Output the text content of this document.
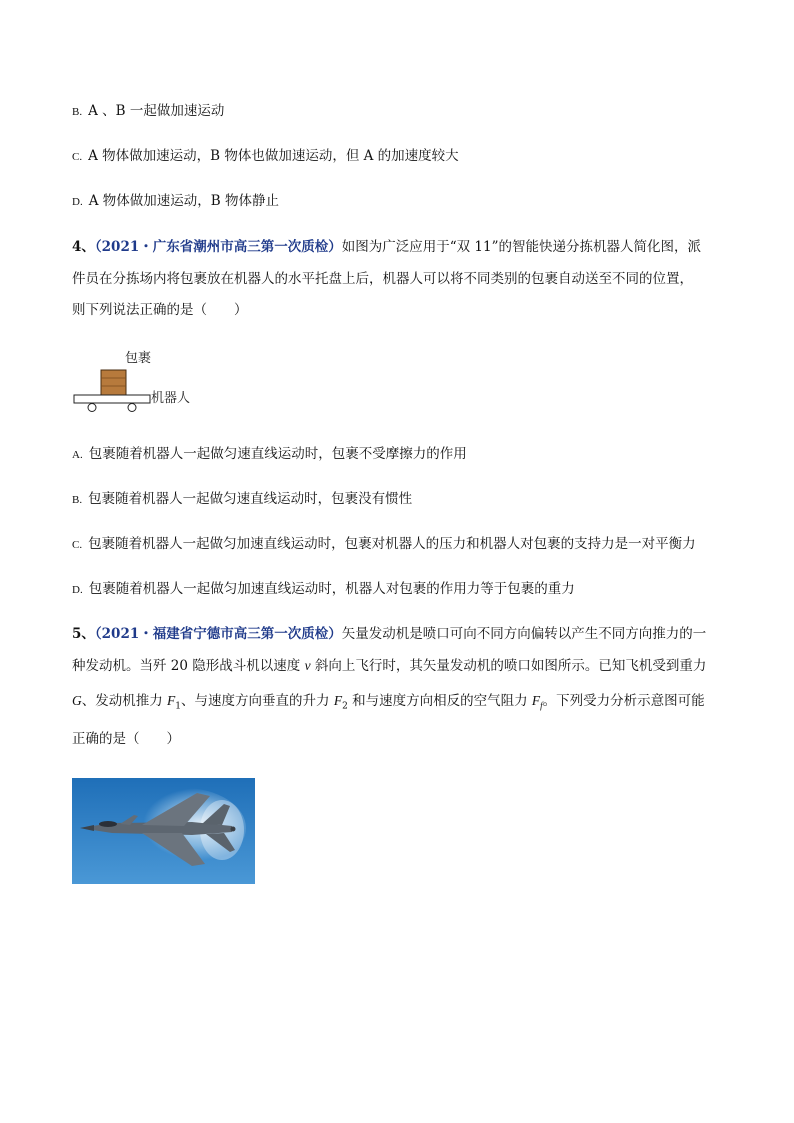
B. A 、B 一起做加速运动
C. A 物体做加速运动，B 物体也做加速运动，但 A 的加速度较大
D. A 物体做加速运动，B 物体静止
4、（2021・广东省潮州市高三第一次质检）如图为广泛应用于“双 11”的智能快递分拣机器人简化图，派
件员在分拣场内将包裹放在机器人的水平托盘上后，机器人可以将不同类别的包裹自动送至不同的位置，
则下列说法正确的是（　　）
包裹
机器人
A. 包裹随着机器人一起做匀速直线运动时，包裹不受摩擦力的作用
B. 包裹随着机器人一起做匀速直线运动时，包裹没有惯性
C. 包裹随着机器人一起做匀加速直线运动时，包裹对机器人的压力和机器人对包裹的支持力是一对平衡力
D. 包裹随着机器人一起做匀加速直线运动时，机器人对包裹的作用力等于包裹的重力
5、（2021・福建省宁德市高三第一次质检）矢量发动机是喷口可向不同方向偏转以产生不同方向推力的一
种发动机。当歼 20 隐形战斗机以速度 v 斜向上飞行时，其矢量发动机的喷口如图所示。已知飞机受到重力
G、发动机推力 $F_1$、与速度方向垂直的升力 $F_2$ 和与速度方向相反的空气阻力 $F_f$。下列受力分析示意图可能
正确的是（　　）
